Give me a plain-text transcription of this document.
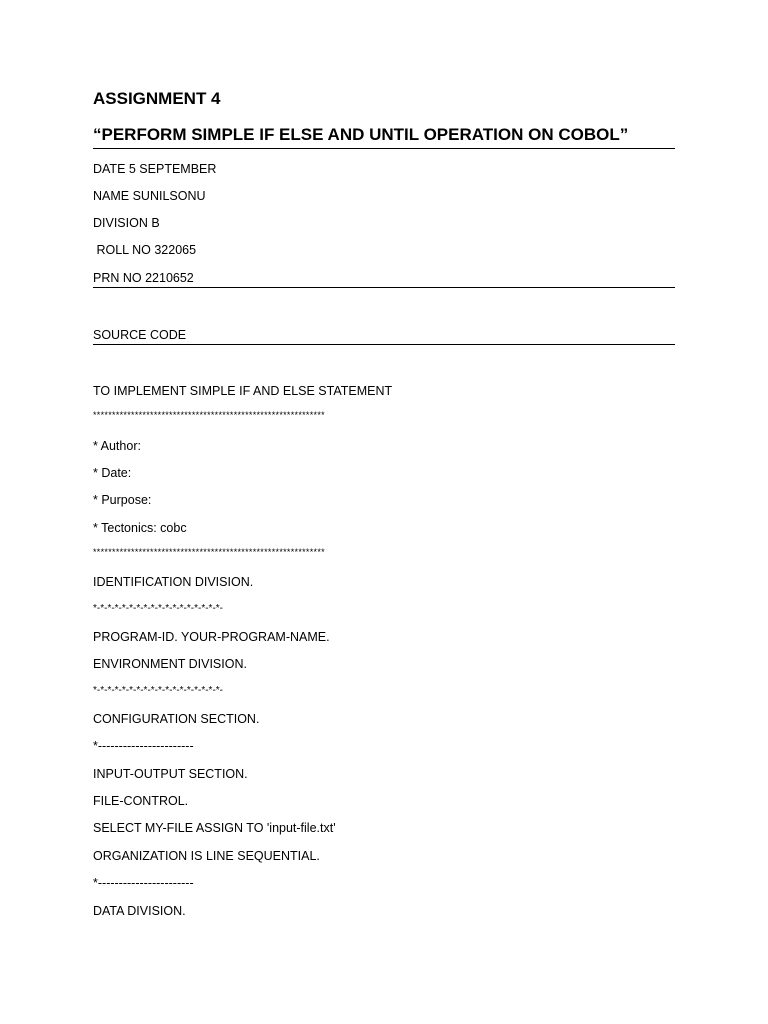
ASSIGNMENT 4
“PERFORM SIMPLE IF ELSE AND UNTIL OPERATION ON COBOL”
DATE 5 SEPTEMBER
NAME SUNILSONU
DIVISION B
ROLL NO 322065
PRN NO 2210652
SOURCE CODE
TO IMPLEMENT SIMPLE IF AND ELSE STATEMENT
*************************************************************
* Author:
* Date:
* Purpose:
* Tectonics: cobc
*************************************************************
IDENTIFICATION DIVISION.
*-*-*-*-*-*-*-*-*-*-*-*-*-*-*-*-*-*-
PROGRAM-ID. YOUR-PROGRAM-NAME.
ENVIRONMENT DIVISION.
*-*-*-*-*-*-*-*-*-*-*-*-*-*-*-*-*-*-
CONFIGURATION SECTION.
*-----------------------
INPUT-OUTPUT SECTION.
FILE-CONTROL.
SELECT MY-FILE ASSIGN TO 'input-file.txt'
ORGANIZATION IS LINE SEQUENTIAL.
*-----------------------
DATA DIVISION.
